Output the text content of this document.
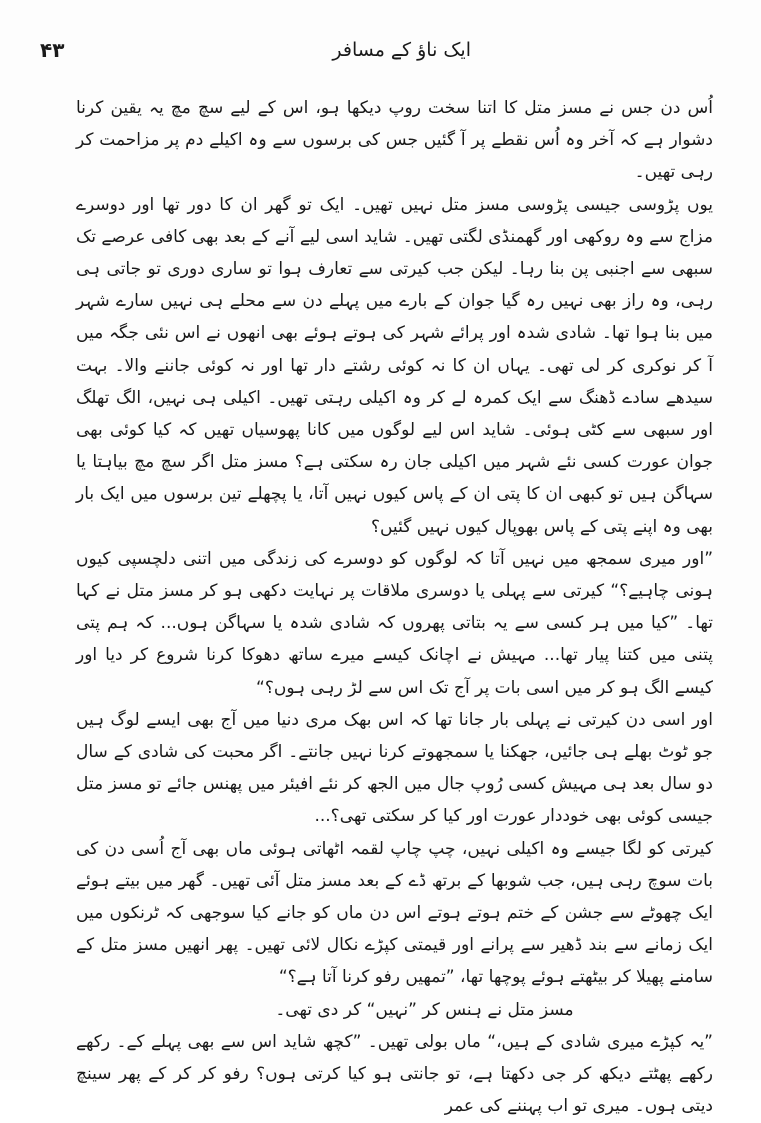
۴۳	ایک ناؤ کے مسافر

اُس دن جس نے مسز متل کا اتنا سخت روپ دیکھا ہو، اس کے لیے سچ مچ یہ یقین کرنا دشوار ہے کہ آخر وہ اُس نقطے پر آ گئیں جس کی برسوں سے وہ اکیلے دم پر مزاحمت کر رہی تھیں۔

یوں پڑوسی جیسی پڑوسی مسز متل نہیں تھیں۔ ایک تو گھر ان کا دور تھا اور دوسرے مزاج سے وہ روکھی اور گھمنڈی لگتی تھیں۔ شاید اسی لیے آنے کے بعد بھی کافی عرصے تک سبھی سے اجنبی پن بنا رہا۔ لیکن جب کیرتی سے تعارف ہوا تو ساری دوری تو جاتی ہی رہی، وہ راز بھی نہیں رہ گیا جوان کے بارے میں پہلے دن سے محلے ہی نہیں سارے شہر میں بنا ہوا تھا۔ شادی شدہ اور پرائے شہر کی ہوتے ہوئے بھی انھوں نے اس نئی جگہ میں آ کر نوکری کر لی تھی۔ یہاں ان کا نہ کوئی رشتے دار تھا اور نہ کوئی جاننے والا۔ بہت سیدھے سادے ڈھنگ سے ایک کمرہ لے کر وہ اکیلی رہتی تھیں۔ اکیلی ہی نہیں، الگ تھلگ اور سبھی سے کٹی ہوئی۔ شاید اس لیے لوگوں میں کانا پھوسیاں تھیں کہ کیا کوئی بھی جوان عورت کسی نئے شہر میں اکیلی جان رہ سکتی ہے؟ مسز متل اگر سچ مچ بیاہتا یا سہاگن ہیں تو کبھی ان کا پتی ان کے پاس کیوں نہیں آتا، یا پچھلے تین برسوں میں ایک بار بھی وہ اپنے پتی کے پاس بھوپال کیوں نہیں گئیں؟

”اور میری سمجھ میں نہیں آتا کہ لوگوں کو دوسرے کی زندگی میں اتنی دلچسپی کیوں ہونی چاہیے؟“ کیرتی سے پہلی یا دوسری ملاقات پر نہایت دکھی ہو کر مسز متل نے کہا تھا۔ ”کیا میں ہر کسی سے یہ بتاتی پھروں کہ شادی شدہ یا سہاگن ہوں... کہ ہم پتی پتنی میں کتنا پیار تھا... مہیش نے اچانک کیسے میرے ساتھ دھوکا کرنا شروع کر دیا اور کیسے الگ ہو کر میں اسی بات پر آج تک اس سے لڑ رہی ہوں؟“

اور اسی دن کیرتی نے پہلی بار جانا تھا کہ اس بھک مری دنیا میں آج بھی ایسے لوگ ہیں جو ٹوٹ بھلے ہی جائیں، جھکنا یا سمجھوتے کرنا نہیں جانتے۔ اگر محبت کی شادی کے سال دو سال بعد ہی مہیش کسی رُوپ جال میں الجھ کر نئے افیئر میں پھنس جائے تو مسز متل جیسی کوئی بھی خوددار عورت اور کیا کر سکتی تھی؟...

کیرتی کو لگا جیسے وہ اکیلی نہیں، چپ چاپ لقمہ اٹھاتی ہوئی ماں بھی آج اُسی دن کی بات سوچ رہی ہیں، جب شوبھا کے برتھ ڈے کے بعد مسز متل آئی تھیں۔ گھر میں بیتے ہوئے ایک چھوٹے سے جشن کے ختم ہوتے ہوتے اس دن ماں کو جانے کیا سوجھی کہ ٹرنکوں میں ایک زمانے سے بند ڈھیر سے پرانے اور قیمتی کپڑے نکال لائی تھیں۔ پھر انھیں مسز متل کے سامنے پھیلا کر بیٹھتے ہوئے پوچھا تھا، ”تمھیں رفو کرنا آتا ہے؟“

مسز متل نے ہنس کر ”نہیں“ کر دی تھی۔

”یہ کپڑے میری شادی کے ہیں،“ ماں بولی تھیں۔ ”کچھ شاید اس سے بھی پہلے کے۔ رکھے رکھے پھٹتے دیکھ کر جی دکھتا ہے، تو جانتی ہو کیا کرتی ہوں؟ رفو کر کر کے پھر سینچ دیتی ہوں۔ میری تو اب پہننے کی عمر
